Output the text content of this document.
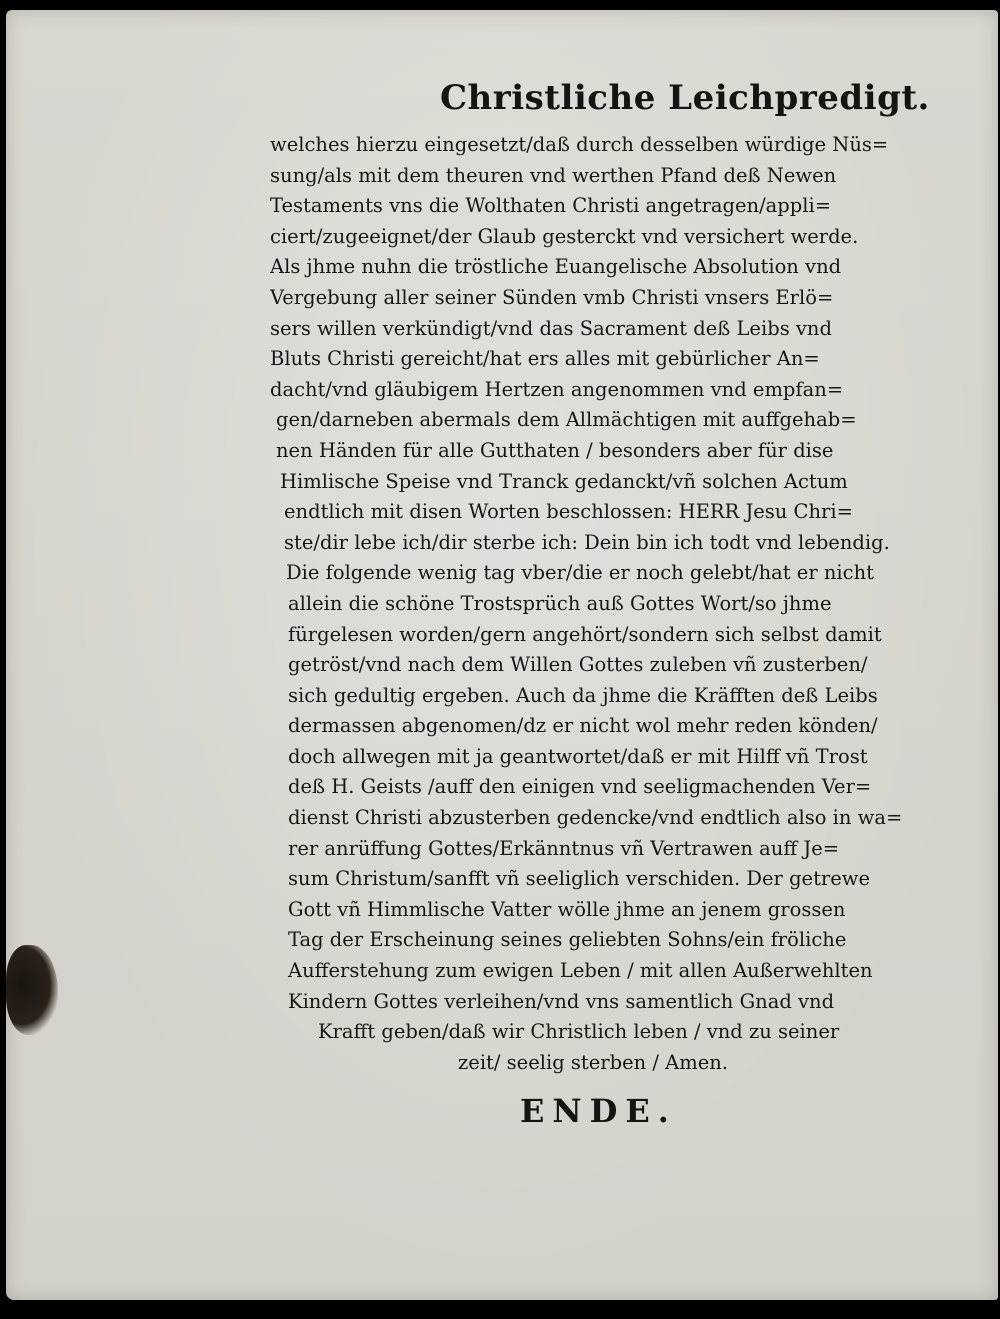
Christliche Leichpredigt.
welches hierzu eingesetzt/daß durch desselben würdige Nüs=
sung/als mit dem theuren vnd werthen Pfand deß Newen
Testaments vns die Wolthaten Christi angetragen/appli=
ciert/zugeeignet/der Glaub gesterckt vnd versichert werde.
Als jhme nuhn die tröstliche Euangelische Absolution vnd
Vergebung aller seiner Sünden vmb Christi vnsers Erlö=
sers willen verkündigt/vnd das Sacrament deß Leibs vnd
Bluts Christi gereicht/hat ers alles mit gebürlicher An=
dacht/vnd gläubigem Hertzen angenommen vnd empfan=
gen/darneben abermals dem Allmächtigen mit auffgehab=
nen Händen für alle Gutthaten / besonders aber für dise
Himlische Speise vnd Tranck gedanckt/vñ solchen Actum
endtlich mit disen Worten beschlossen: HERR Jesu Chri=
ste/dir lebe ich/dir sterbe ich: Dein bin ich todt vnd lebendig.
Die folgende wenig tag vber/die er noch gelebt/hat er nicht
allein die schöne Trostsprüch auß Gottes Wort/so jhme
fürgelesen worden/gern angehört/sondern sich selbst damit
getröst/vnd nach dem Willen Gottes zuleben vñ zusterben/
sich gedultig ergeben. Auch da jhme die Kräfften deß Leibs
dermassen abgenomen/dz er nicht wol mehr reden könden/
doch allwegen mit ja geantwortet/daß er mit Hilff vñ Trost
deß H. Geists /auff den einigen vnd seeligmachenden Ver=
dienst Christi abzusterben gedencke/vnd endtlich also in wa=
rer anrüffung Gottes/Erkänntnus vñ Vertrawen auff Je=
sum Christum/sanfft vñ seeliglich verschiden. Der getrewe
Gott vñ Himmlische Vatter wölle jhme an jenem grossen
Tag der Erscheinung seines geliebten Sohns/ein fröliche
Aufferstehung zum ewigen Leben / mit allen Außerwehlten
Kindern Gottes verleihen/vnd vns samentlich Gnad vnd
Krafft geben/daß wir Christlich leben / vnd zu seiner
zeit/ seelig sterben / Amen.
ENDE.
